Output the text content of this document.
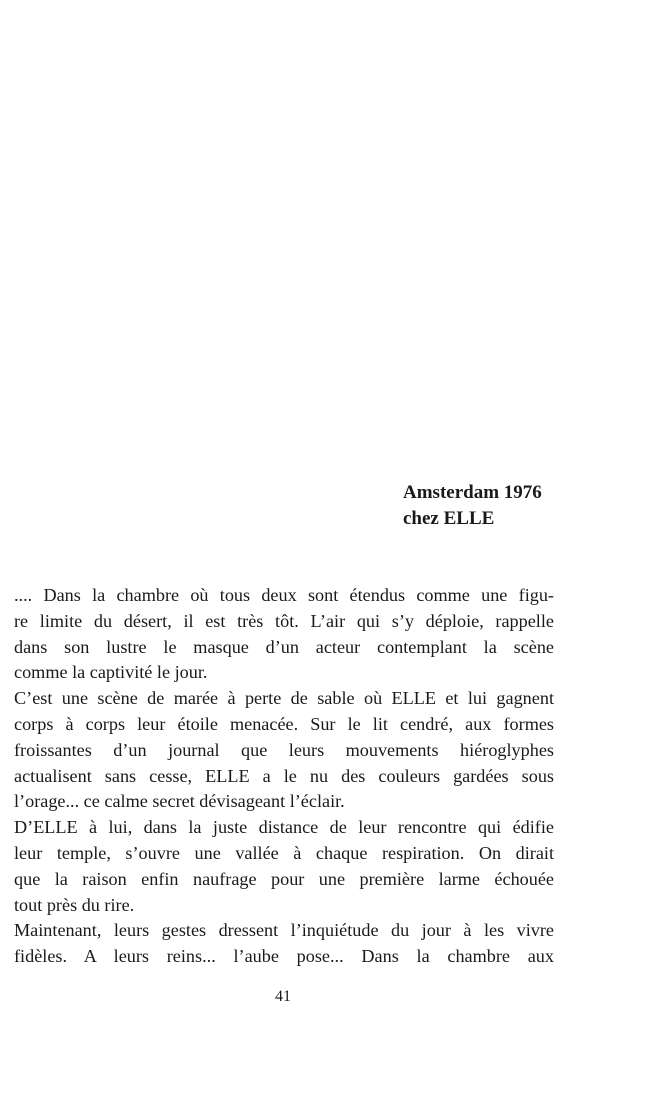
Amsterdam 1976
chez ELLE
.... Dans la chambre où tous deux sont étendus comme une figu-
re limite du désert, il est très tôt. L’air qui s’y déploie, rappelle
dans son lustre le masque d’un acteur contemplant la scène
comme la captivité le jour.
C’est une scène de marée à perte de sable où ELLE et lui gagnent
corps à corps leur étoile menacée. Sur le lit cendré, aux formes
froissantes d’un journal que leurs mouvements hiéroglyphes
actualisent sans cesse, ELLE a le nu des couleurs gardées sous
l’orage... ce calme secret dévisageant l’éclair.
D’ELLE à lui, dans la juste distance de leur rencontre qui édifie
leur temple, s’ouvre une vallée à chaque respiration. On dirait
que la raison enfin naufrage pour une première larme échouée
tout près du rire.
Maintenant, leurs gestes dressent l’inquiétude du jour à les vivre
fidèles. A leurs reins... l’aube pose... Dans la chambre aux
41
